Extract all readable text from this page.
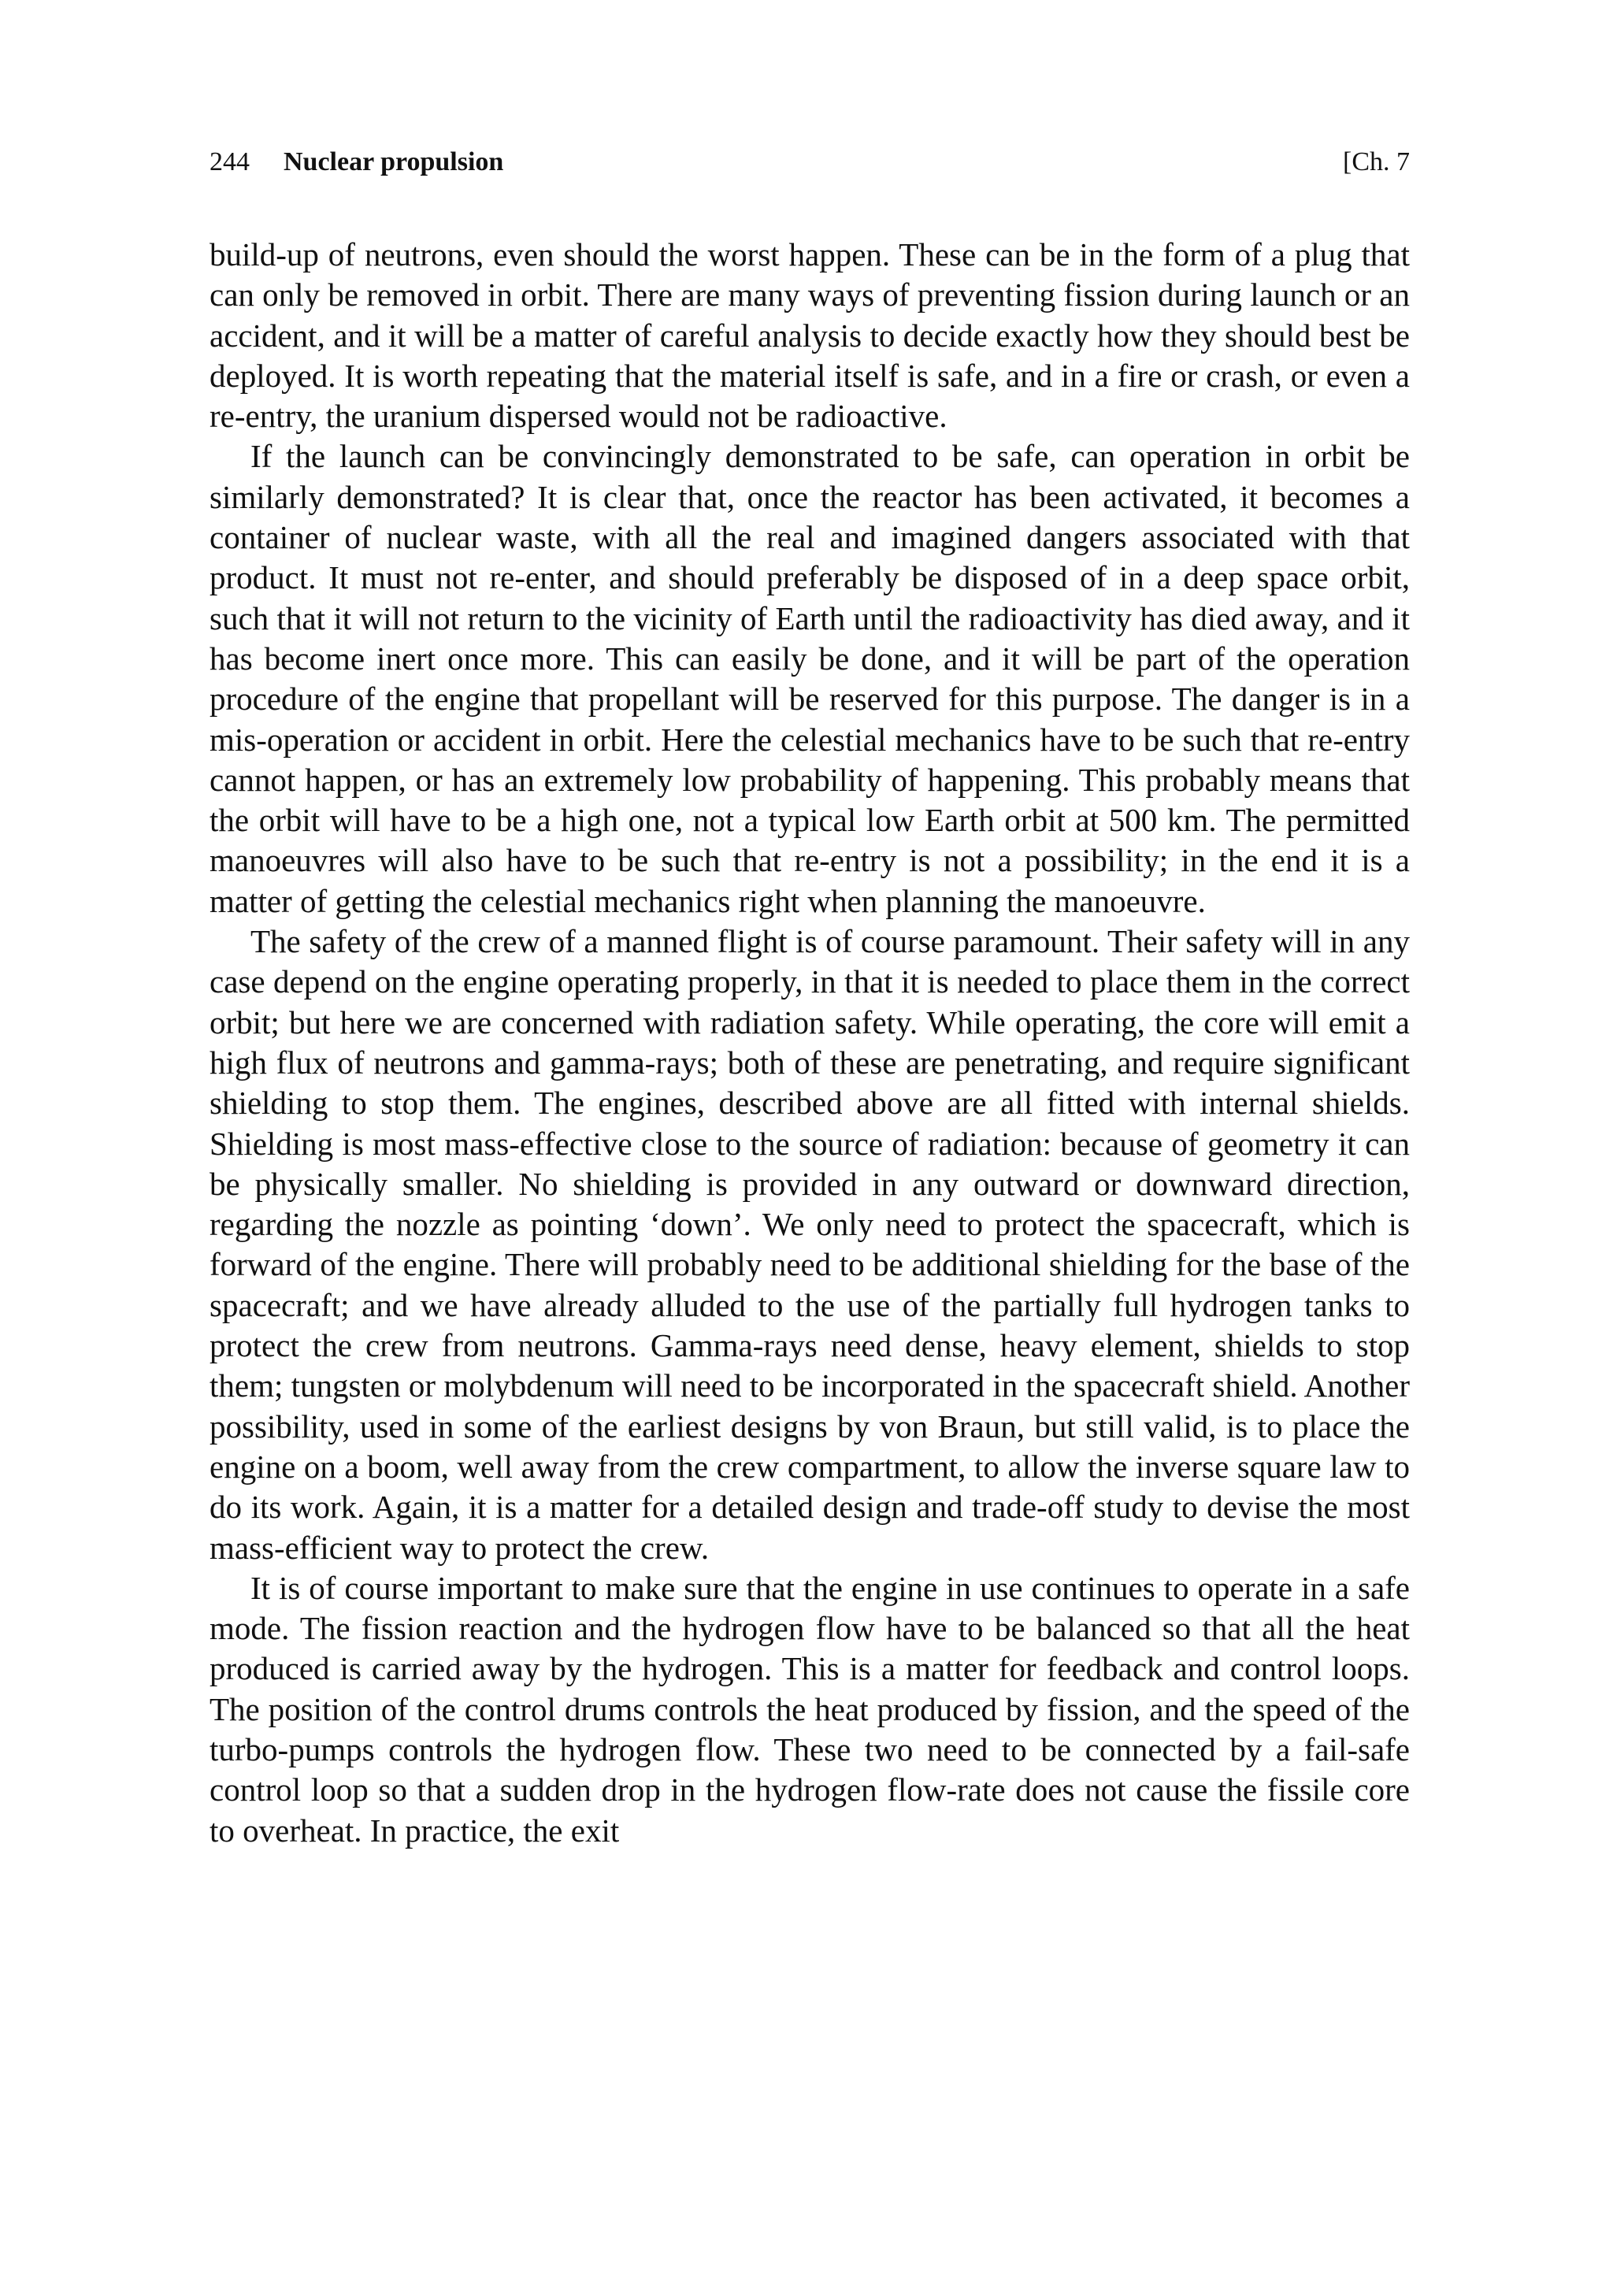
244 Nuclear propulsion	[Ch. 7

build-up of neutrons, even should the worst happen. These can be in the form of a plug that can only be removed in orbit. There are many ways of preventing fission during launch or an accident, and it will be a matter of careful analysis to decide exactly how they should best be deployed. It is worth repeating that the material itself is safe, and in a fire or crash, or even a re-entry, the uranium dispersed would not be radioactive.

If the launch can be convincingly demonstrated to be safe, can operation in orbit be similarly demonstrated? It is clear that, once the reactor has been activated, it becomes a container of nuclear waste, with all the real and imagined dangers associated with that product. It must not re-enter, and should preferably be disposed of in a deep space orbit, such that it will not return to the vicinity of Earth until the radioactivity has died away, and it has become inert once more. This can easily be done, and it will be part of the operation procedure of the engine that propellant will be reserved for this purpose. The danger is in a mis-operation or accident in orbit. Here the celestial mechanics have to be such that re-entry cannot happen, or has an extremely low probability of happening. This probably means that the orbit will have to be a high one, not a typical low Earth orbit at 500 km. The permitted manoeuvres will also have to be such that re-entry is not a possibility; in the end it is a matter of getting the celestial mechanics right when planning the manoeuvre.

The safety of the crew of a manned flight is of course paramount. Their safety will in any case depend on the engine operating properly, in that it is needed to place them in the correct orbit; but here we are concerned with radiation safety. While operating, the core will emit a high flux of neutrons and gamma-rays; both of these are penetrating, and require significant shielding to stop them. The engines, described above are all fitted with internal shields. Shielding is most mass-effective close to the source of radiation: because of geometry it can be physically smaller. No shielding is provided in any outward or downward direction, regarding the nozzle as pointing ‘down’. We only need to protect the spacecraft, which is forward of the engine. There will probably need to be additional shielding for the base of the spacecraft; and we have already alluded to the use of the partially full hydrogen tanks to protect the crew from neutrons. Gamma-rays need dense, heavy element, shields to stop them; tungsten or molybdenum will need to be incorporated in the spacecraft shield. Another possibility, used in some of the earliest designs by von Braun, but still valid, is to place the engine on a boom, well away from the crew compartment, to allow the inverse square law to do its work. Again, it is a matter for a detailed design and trade-off study to devise the most mass-efficient way to protect the crew.

It is of course important to make sure that the engine in use continues to operate in a safe mode. The fission reaction and the hydrogen flow have to be balanced so that all the heat produced is carried away by the hydrogen. This is a matter for feedback and control loops. The position of the control drums controls the heat produced by fission, and the speed of the turbo-pumps controls the hydrogen flow. These two need to be connected by a fail-safe control loop so that a sudden drop in the hydrogen flow-rate does not cause the fissile core to overheat. In practice, the exit
